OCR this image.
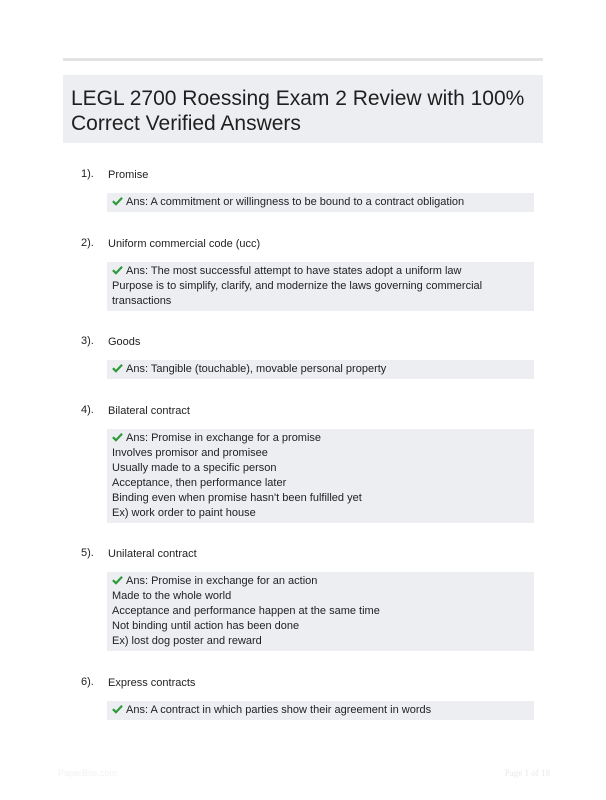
LEGL 2700 Roessing Exam 2 Review with 100% Correct Verified Answers
1). Promise
Ans: A commitment or willingness to be bound to a contract obligation
2). Uniform commercial code (ucc)
Ans: The most successful attempt to have states adopt a uniform law
Purpose is to simplify, clarify, and modernize the laws governing commercial
transactions
3). Goods
Ans: Tangible (touchable), movable personal property
4). Bilateral contract
Ans: Promise in exchange for a promise
Involves promisor and promisee
Usually made to a specific person
Acceptance, then performance later
Binding even when promise hasn't been fulfilled yet
Ex) work order to paint house
5). Unilateral contract
Ans: Promise in exchange for an action
Made to the whole world
Acceptance and performance happen at the same time
Not binding until action has been done
Ex) lost dog poster and reward
6). Express contracts
Ans: A contract in which parties show their agreement in words
PaperBite.com	Page 1 of 18
